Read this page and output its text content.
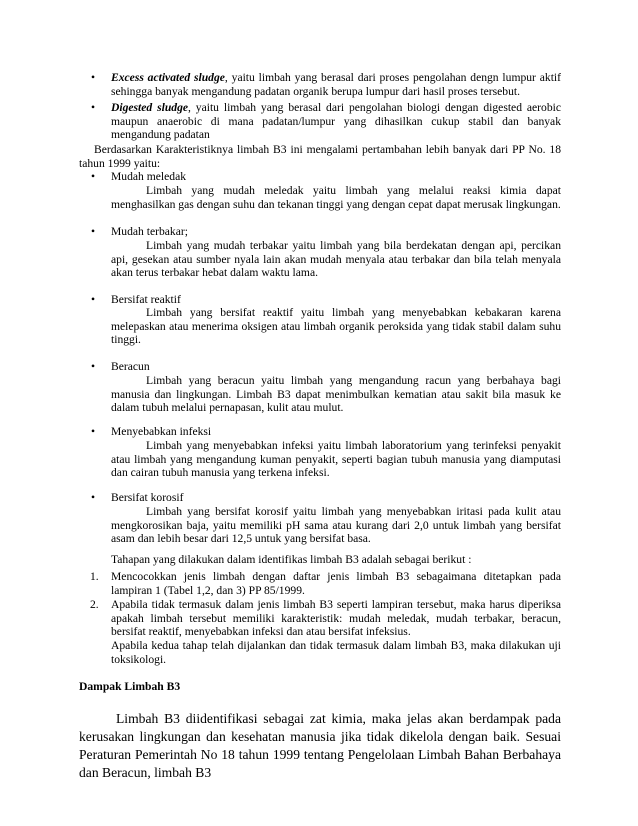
• Excess activated sludge, yaitu limbah yang berasal dari proses pengolahan dengn lumpur aktif sehingga banyak mengandung padatan organik berupa lumpur dari hasil proses tersebut.

• Digested sludge, yaitu limbah yang berasal dari pengolahan biologi dengan digested aerobic maupun anaerobic di mana padatan/lumpur yang dihasilkan cukup stabil dan banyak mengandung padatan

Berdasarkan Karakteristiknya limbah B3 ini mengalami pertambahan lebih banyak dari PP No. 18 tahun 1999 yaitu:

• Mudah meledak

Limbah yang mudah meledak yaitu limbah yang melalui reaksi kimia dapat menghasilkan gas dengan suhu dan tekanan tinggi yang dengan cepat dapat merusak lingkungan.

• Mudah terbakar;

Limbah yang mudah terbakar yaitu limbah yang bila berdekatan dengan api, percikan api, gesekan atau sumber nyala lain akan mudah menyala atau terbakar dan bila telah menyala akan terus terbakar hebat dalam waktu lama.

• Bersifat reaktif

Limbah yang bersifat reaktif yaitu limbah yang menyebabkan kebakaran karena melepaskan atau menerima oksigen atau limbah organik peroksida yang tidak stabil dalam suhu tinggi.

• Beracun

Limbah yang beracun yaitu limbah yang mengandung racun yang berbahaya bagi manusia dan lingkungan. Limbah B3 dapat menimbulkan kematian atau sakit bila masuk ke dalam tubuh melalui pernapasan, kulit atau mulut.

• Menyebabkan infeksi

Limbah yang menyebabkan infeksi yaitu limbah laboratorium yang terinfeksi penyakit atau limbah yang mengandung kuman penyakit, seperti bagian tubuh manusia yang diamputasi dan cairan tubuh manusia yang terkena infeksi.

• Bersifat korosif

Limbah yang bersifat korosif yaitu limbah yang menyebabkan iritasi pada kulit atau mengkorosikan baja, yaitu memiliki pH sama atau kurang dari 2,0 untuk limbah yang bersifat asam dan lebih besar dari 12,5 untuk yang bersifat basa.

Tahapan yang dilakukan dalam identifikas limbah B3 adalah sebagai berikut :

1. Mencocokkan jenis limbah dengan daftar jenis limbah B3 sebagaimana ditetapkan pada lampiran 1 (Tabel 1,2, dan 3) PP 85/1999.

2. Apabila tidak termasuk dalam jenis limbah B3 seperti lampiran tersebut, maka harus diperiksa apakah limbah tersebut memiliki karakteristik: mudah meledak, mudah terbakar, beracun, bersifat reaktif, menyebabkan infeksi dan atau bersifat infeksius.

Apabila kedua tahap telah dijalankan dan tidak termasuk dalam limbah B3, maka dilakukan uji toksikologi.

Dampak Limbah B3

Limbah B3 diidentifikasi sebagai zat kimia, maka jelas akan berdampak pada kerusakan lingkungan dan kesehatan manusia jika tidak dikelola dengan baik. Sesuai Peraturan Pemerintah No 18 tahun 1999 tentang Pengelolaan Limbah Bahan Berbahaya dan Beracun, limbah B3
